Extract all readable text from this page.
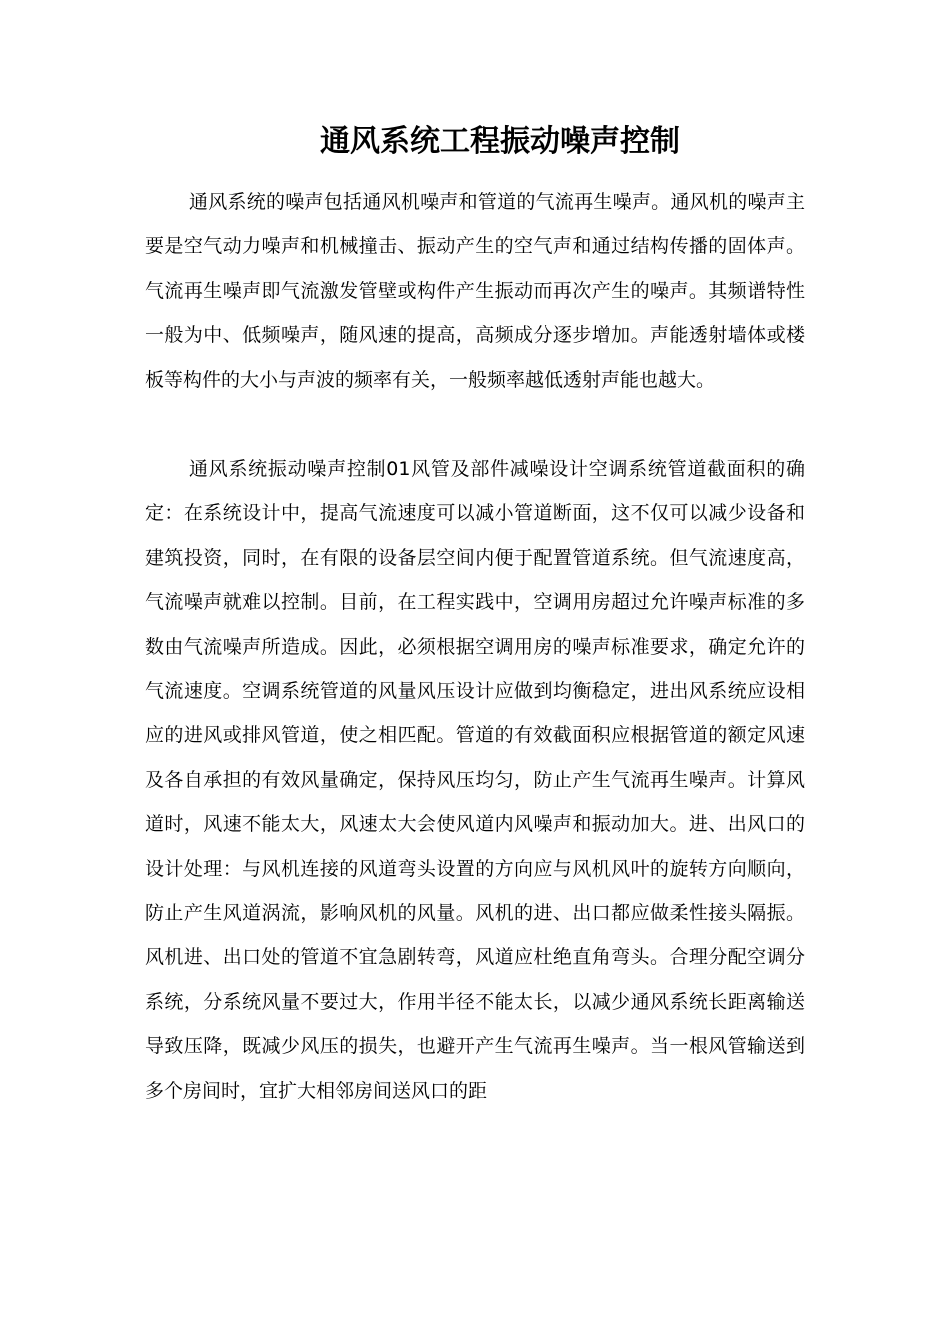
通风系统工程振动噪声控制

通风系统的噪声包括通风机噪声和管道的气流再生噪声。通风机的噪声主要是空气动力噪声和机械撞击、振动产生的空气声和通过结构传播的固体声。气流再生噪声即气流激发管壁或构件产生振动而再次产生的噪声。其频谱特性一般为中、低频噪声，随风速的提高，高频成分逐步增加。声能透射墙体或楼板等构件的大小与声波的频率有关，一般频率越低透射声能也越大。

通风系统振动噪声控制01风管及部件减噪设计空调系统管道截面积的确定：在系统设计中，提高气流速度可以减小管道断面，这不仅可以减少设备和建筑投资，同时，在有限的设备层空间内便于配置管道系统。但气流速度高，气流噪声就难以控制。目前，在工程实践中，空调用房超过允许噪声标准的多数由气流噪声所造成。因此，必须根据空调用房的噪声标准要求，确定允许的气流速度。空调系统管道的风量风压设计应做到均衡稳定，进出风系统应设相应的进风或排风管道，使之相匹配。管道的有效截面积应根据管道的额定风速及各自承担的有效风量确定，保持风压均匀，防止产生气流再生噪声。计算风道时，风速不能太大，风速太大会使风道内风噪声和振动加大。进、出风口的设计处理：与风机连接的风道弯头设置的方向应与风机风叶的旋转方向顺向，防止产生风道涡流，影响风机的风量。风机的进、出口都应做柔性接头隔振。风机进、出口处的管道不宜急剧转弯，风道应杜绝直角弯头。合理分配空调分系统，分系统风量不要过大，作用半径不能太长，以减少通风系统长距离输送导致压降，既减少风压的损失，也避开产生气流再生噪声。当一根风管输送到多个房间时，宜扩大相邻房间送风口的距
